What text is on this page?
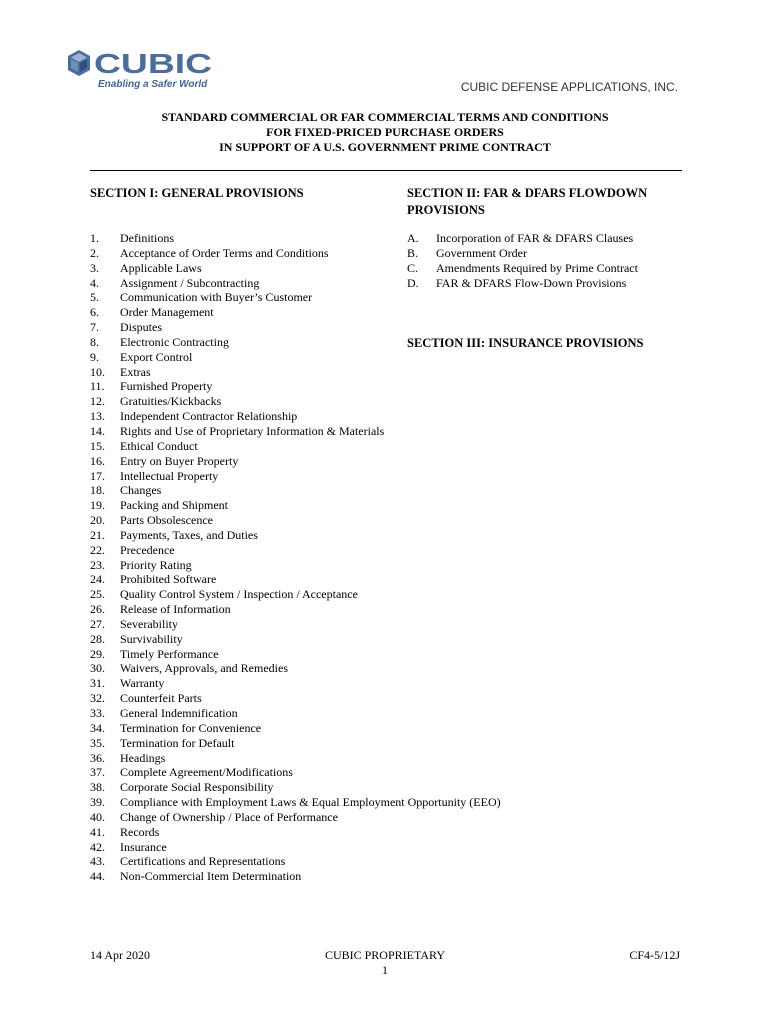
CUBIC
Enabling a Safer World	CUBIC DEFENSE APPLICATIONS, INC.
STANDARD COMMERCIAL OR FAR COMMERCIAL TERMS AND CONDITIONS
FOR FIXED-PRICED PURCHASE ORDERS
IN SUPPORT OF A U.S. GOVERNMENT PRIME CONTRACT
SECTION I: GENERAL PROVISIONS
1. Definitions
2. Acceptance of Order Terms and Conditions
3. Applicable Laws
4. Assignment / Subcontracting
5. Communication with Buyer’s Customer
6. Order Management
7. Disputes
8. Electronic Contracting
9. Export Control
10. Extras
11. Furnished Property
12. Gratuities/Kickbacks
13. Independent Contractor Relationship
14. Rights and Use of Proprietary Information & Materials
15. Ethical Conduct
16. Entry on Buyer Property
17. Intellectual Property
18. Changes
19. Packing and Shipment
20. Parts Obsolescence
21. Payments, Taxes, and Duties
22. Precedence
23. Priority Rating
24. Prohibited Software
25. Quality Control System / Inspection / Acceptance
26. Release of Information
27. Severability
28. Survivability
29. Timely Performance
30. Waivers, Approvals, and Remedies
31. Warranty
32. Counterfeit Parts
33. General Indemnification
34. Termination for Convenience
35. Termination for Default
36. Headings
37. Complete Agreement/Modifications
38. Corporate Social Responsibility
39. Compliance with Employment Laws & Equal Employment Opportunity (EEO)
40. Change of Ownership / Place of Performance
41. Records
42. Insurance
43. Certifications and Representations
44. Non-Commercial Item Determination
SECTION II: FAR & DFARS FLOWDOWN
PROVISIONS
A. Incorporation of FAR & DFARS Clauses
B. Government Order
C. Amendments Required by Prime Contract
D. FAR & DFARS Flow-Down Provisions
SECTION III: INSURANCE PROVISIONS
14 Apr 2020	CUBIC PROPRIETARY
1
CF4-5/12J
